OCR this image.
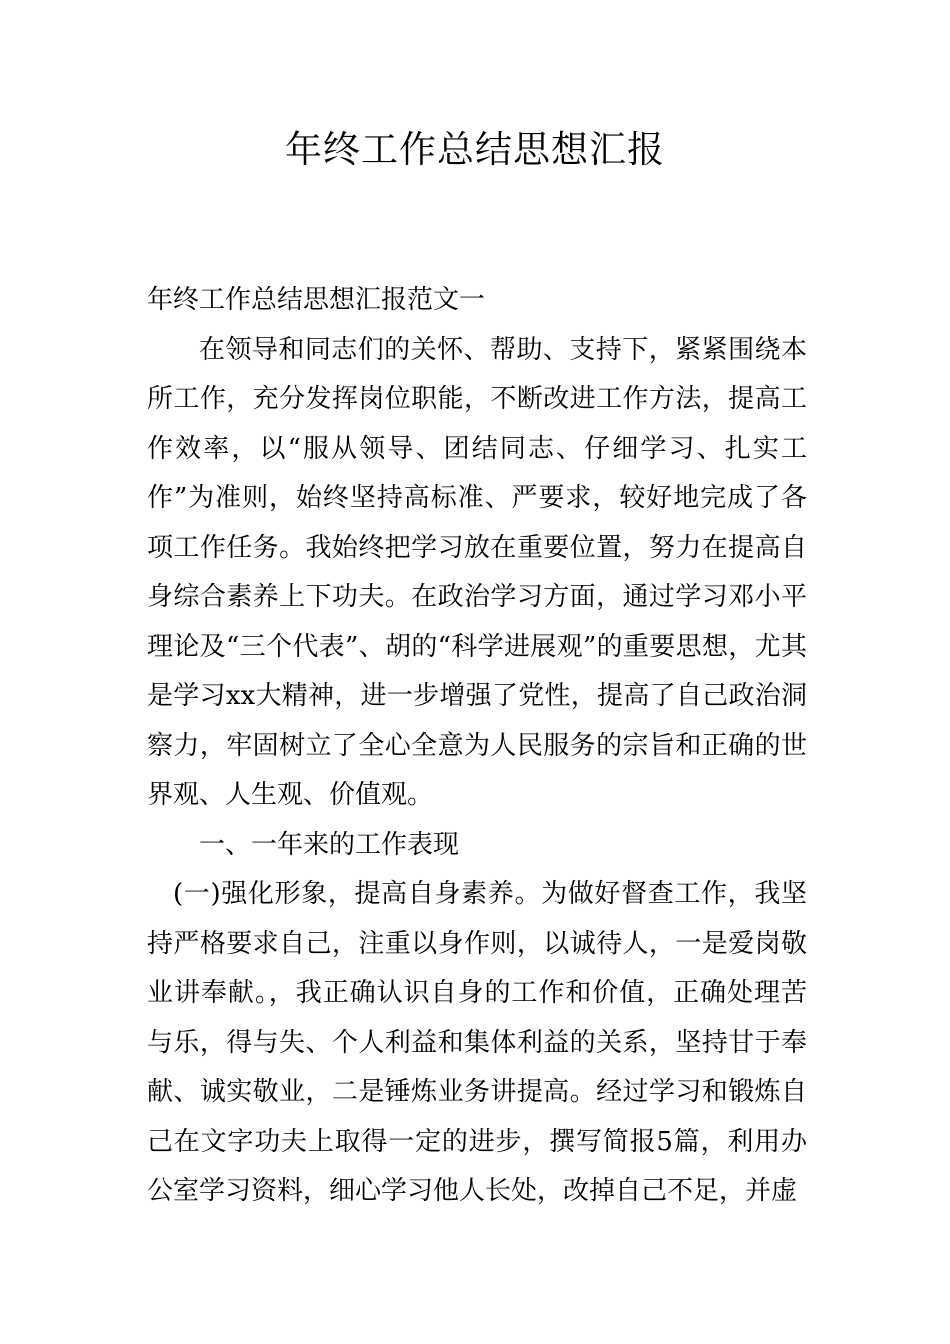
年终工作总结思想汇报

年终工作总结思想汇报范文一

在领导和同志们的关怀、帮助、支持下，紧紧围绕本所工作，充分发挥岗位职能，不断改进工作方法，提高工作效率，以“服从领导、团结同志、仔细学习、扎实工作”为准则，始终坚持高标准、严要求，较好地完成了各项工作任务。我始终把学习放在重要位置，努力在提高自身综合素养上下功夫。在政治学习方面，通过学习邓小平理论及“三个代表”、胡的“科学进展观”的重要思想，尤其是学习xx大精神，进一步增强了党性，提高了自己政治洞察力，牢固树立了全心全意为人民服务的宗旨和正确的世界观、人生观、价值观。

一、一年来的工作表现

(一)强化形象，提高自身素养。为做好督查工作，我坚持严格要求自己，注重以身作则，以诚待人，一是爱岗敬业讲奉献。，我正确认识自身的工作和价值，正确处理苦与乐，得与失、个人利益和集体利益的关系，坚持甘于奉献、诚实敬业，二是锤炼业务讲提高。经过学习和锻炼自己在文字功夫上取得一定的进步，撰写简报5篇，利用办公室学习资料，细心学习他人长处，改掉自己不足，并虚
